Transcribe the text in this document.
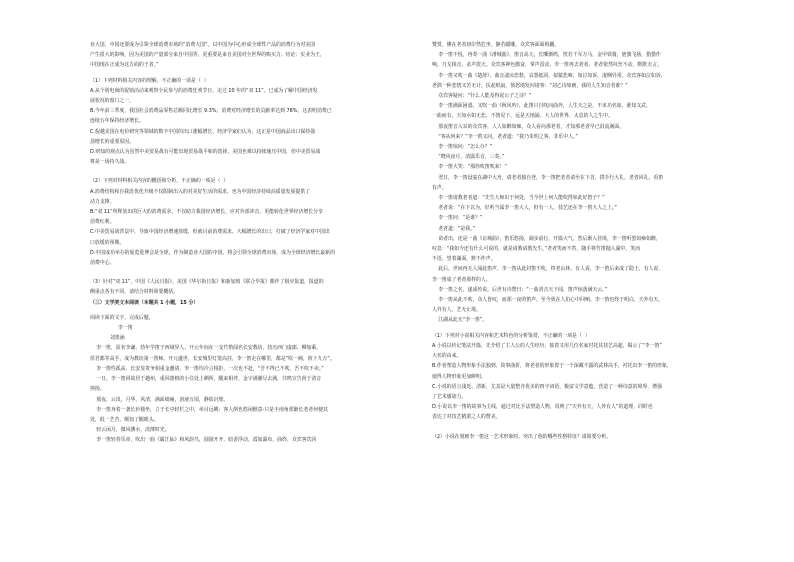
业大国，中国还要成为引领全球消费市场的“消费大国”。以中国为中心形成全球性产品的消费行为对美国

产生很大的影响，因为美国的产量部分来自中国等，更重要是来自美国对全世界的购买力。结论：实业为王，

中国现在正成为这方面的王者。”

（1）下列材料相关内容的理解，不正确的一项是（  ）

A.从个别电商的促销活动来观察全民参与的消费狂欢节日，走过 10 年的“双 11”，已成为了解中国经济发

展状况的窗口之一。

B.今年前三季度，我国社会消费品零售总额同比增长 9.3%，消费对经济增长的贡献率达到 78%，这表明消费已

连续五年保持经济增长。

C.倪越美国在电价研究等领域的数字中国的出口涨幅增长，经济学家们认为，这正是中国商品出口保持强

劲增长的重要原因。

D.财知的观点认为虽然中美贸易战有可能出现贸易战平和的选择，美国也难以持续施压中国，但中美贸易战

将是一场持久战。

（2）下列对材料相关内容的概括和分析，不正确的一项是（  ）

A.消费结构和自我选优化升级不仅限制出入的对美好生活的需求，也为中国经济持续高质量发展提供了

动力支撑。

B.“双 11”所释放出的巨大的消费需求，不仅助力我国经济增长，应对外部冲击，更能转化世界经济增长分享

消费红利。

C.中美贸易战背景中，导致中国经济增速放缓，但就目前消费需求、大幅增长的出口，打破了经济学家对中国出

口放缓的预期。

D.中国成功举办的展览进博会是全球，作为制造业大国的中国，将会引领全球消费市场，成为全球经济增长最新的

消费中心。

（3）针对“双 11”，中国《人民日报》、美国《华尔街日报》和新加坡《联合早报》都作了相应报道，报道的

侧重点各有不同，请结合材料简要概括。

（三）文学类文本阅读（本题共 1 小题，15 分）

阅读下面的文字，完成后题。

李一笛

刘墨涵

李一笛，原名李谦，幼年学笛于西域异人，开元年间在一支竹笛闻名长安教坊，技压西门虚郎、柳加乘、

侯君都等高手，成为教坊第一笛师。开元盛世，长安城里灯笼高挂，李一笛走在哪里，都是“吹一阙，值十九万”。

李一笛性孤高，长安显贵争相重金邀请，李一笛均冷言相拒，一次也不赴，“吾不得已不吹，吾不吹不卖。”

一日，李一笛回故居于越州，重回荫格的小住处上栖所，醒来相伴，金宇满潮尽去满，共鸣宣告荷于清音

抑扬。

那夜，云岚，月华，风清，满面细庵，溶液万顷，静影沉璧。

李一笛身着一袭长衫独坐，立于长亭轻栏之中，举目远眺：客人倒也悠闲惬意-只是丰南角那渐长老者何便其

处，低一艺苦，颇知了醒眼头。

轻云闲月，微风拂水，淡薄时光。

李一笛轻奏乐章，吹出一曲《霸江仙》和风韵鸟，圆圆开开，暗香浮动，霞如瀑布，曲终，众宾客宾回

赞赏，佛在老者却岸然危坐，静若蜡雕。众宾客面面相觑。

李一笛不悦，再奏一曲《滑城曲》，笛音高亢，长嘶渐鸣，恍若千军万马，金甲铁骑，旌旗飞扬，猎猎作

响，刀戈相击，杀声震天。众宾客神色激奋，掌声雷动。李一笛再去老者，老者依然纹丝不动，默默无言。

李一笛又吹一曲《楚辞》，曲音凄凉悲愁，哀怨低回，似猿悲啼，如泣如诉，凄恻异常。众宾客如泣如诉，

老拙一种悲情又苦无计。扶起纸扇，愤怒地发问诸客：“刘乙诗如画，我的人生知音者谁？”

众宾客疑问：“什么人能及得起公子之诗？”

李一笛满面困惑，又吹一曲《秋风吟》，此笛只自吹向曲外，人生天之是，不求功名如，谁知文武，

一曲而有，天如水如无悲，不笛见下，远是天地涌，大人的世界，太息的人之生中。

那夜笛音入耳的众宾客，人人如醉如痴。众人看向那老者，才知那老者早已泪流满面。

“客从何来？”李一笛又问。老者道：“我乃朱明之客，非乐中人。”

李一笛惊问：“怎么办？”

“晓风夜月，清露乐音，三奏。”

李一笛大笑：“那你吹笛吹来！”

翌日，李一笛设宴在湖中大舟，请老者独自登，李一笛把老者请至在下首，拱手行大礼，老者回礼，看笛

有声。

李一笛请教老者道：“先生大师出于何处，当今世上何人能吹得如此好笛子？”

老者说：“在下以为，好听当属李一笛大人，但有一人，技艺还在李一笛大人之上。”

李一笛问：“是谁？”

老者道：“是我。”

苗者出，还是一曲《京城曲》，笛乐悠扬，阔步前行，开篇大气，然后渐入佳境，李一笛听罢如痴如醉，

叹息：“我如今还有什么可说的，就是请教请教先生。”老者笑而不答，随手将竹笛抛入湖中，笑而

不语，望着湖面，默不作声。

此后，世间再无人闻此笛声，李一笛从此封笛不吹，终老山林。有人说，李一笛后来成了隐士，有人说，

李一笛成了老者那样的人。

李一笛之名，遂成传说。后世有诗赞曰：“一曲清音天下闻，笛声惊落满天云。”

李一笛从此不吹，众人皆叹，而那一夜的笛声，至今犹在人们心中回响。李一笛也终于明白，天外有天，

人外有人，艺无止境。

江湖从此无“李一笛”。

（1）下列对小说相关内容和艺术特色的分析鉴赏，不正确的一项是（  ）

A.小说以传记笔法开篇，先介绍了主人公的人生经历，接着又用几位名家衬托其技艺高超，揭示了“李一笛”

大名的由来。

B.作者塑造人物形象手法独到，故事曲折，将老者的形象置于一个深藏不露的武林高手，衬托出李一笛的形象，

使得人物形象更加鲜明。

C.小说的语言浅近、清新，尤其是大量整齐优美的四字词语，极富文学意蕴，营造了一种诗意的境界，增强

了艺术感染力。

D.小说以李一笛的故事为主线，通过对比手法塑造人物，说明了“天外有天，人外有人”的道理，同时也

表达了对技艺精湛之人的赞美。

（2）小说在刻画李一笛这一艺术形象时，突出了他的哪些性格特征？请简要分析。
